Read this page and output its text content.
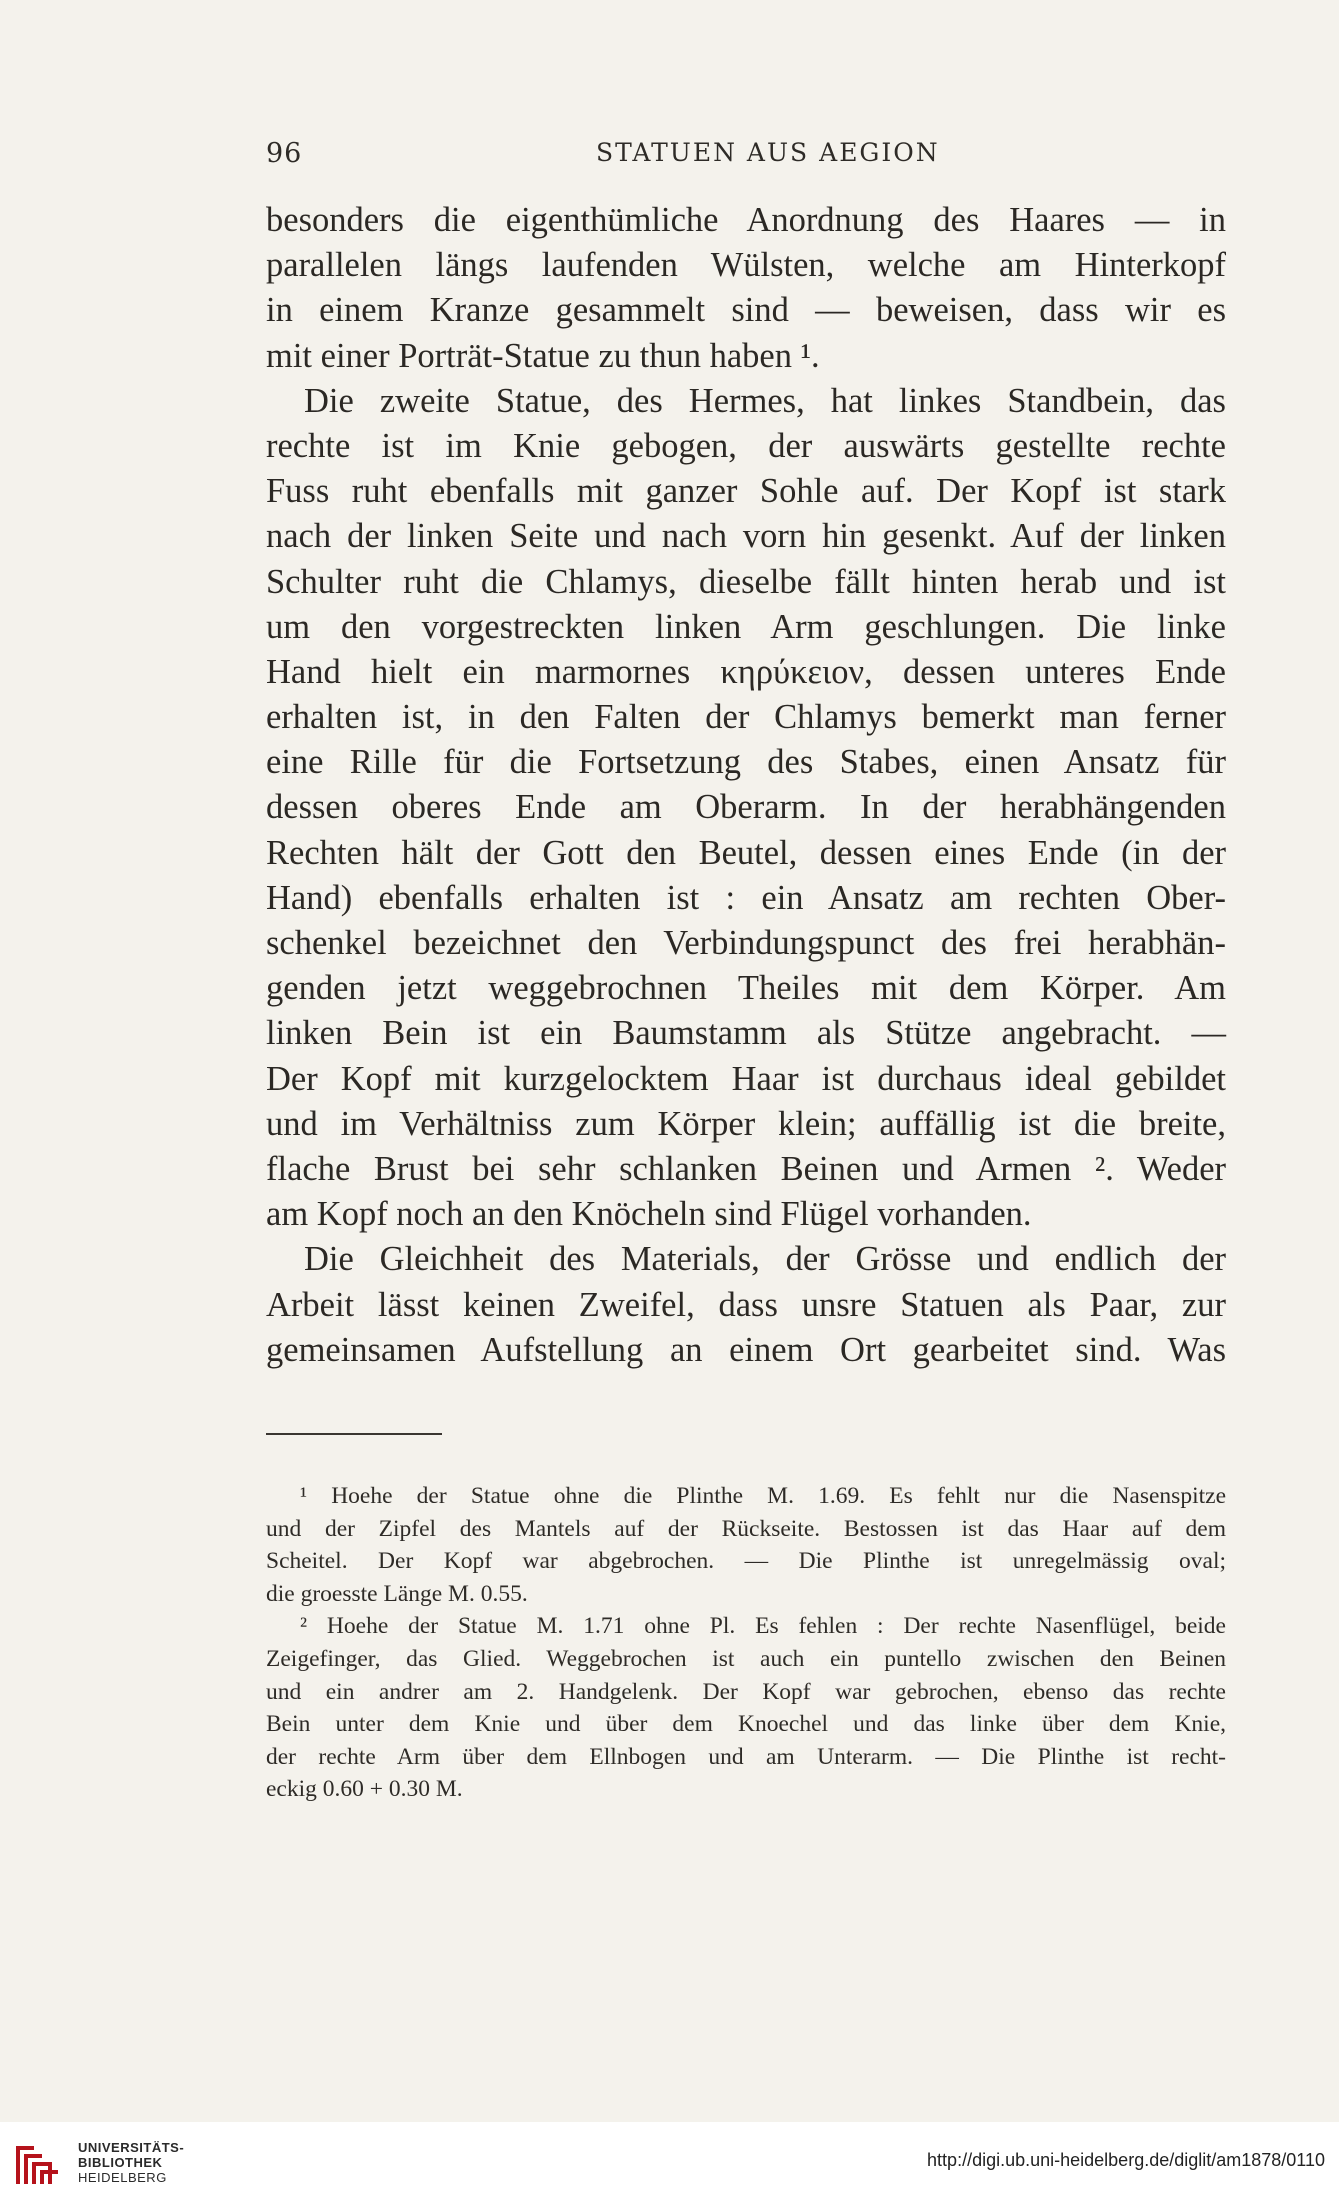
96	STATUEN AUS AEGION
besonders die eigenthümliche Anordnung des Haares — in
parallelen längs laufenden Wülsten, welche am Hinterkopf
in einem Kranze gesammelt sind — beweisen, dass wir es
mit einer Porträt-Statue zu thun haben ¹.
Die zweite Statue, des Hermes, hat linkes Standbein, das
rechte ist im Knie gebogen, der auswärts gestellte rechte
Fuss ruht ebenfalls mit ganzer Sohle auf. Der Kopf ist stark
nach der linken Seite und nach vorn hin gesenkt. Auf der linken
Schulter ruht die Chlamys, dieselbe fällt hinten herab und ist
um den vorgestreckten linken Arm geschlungen. Die linke
Hand hielt ein marmornes κηρύκειον, dessen unteres Ende
erhalten ist, in den Falten der Chlamys bemerkt man ferner
eine Rille für die Fortsetzung des Stabes, einen Ansatz für
dessen oberes Ende am Oberarm. In der herabhängenden
Rechten hält der Gott den Beutel, dessen eines Ende (in der
Hand) ebenfalls erhalten ist : ein Ansatz am rechten Ober-
schenkel bezeichnet den Verbindungspunct des frei herabhän-
genden jetzt weggebrochnen Theiles mit dem Körper. Am
linken Bein ist ein Baumstamm als Stütze angebracht. —
Der Kopf mit kurzgelocktem Haar ist durchaus ideal gebildet
und im Verhältniss zum Körper klein; auffällig ist die breite,
flache Brust bei sehr schlanken Beinen und Armen ². Weder
am Kopf noch an den Knöcheln sind Flügel vorhanden.
Die Gleichheit des Materials, der Grösse und endlich der
Arbeit lässt keinen Zweifel, dass unsre Statuen als Paar, zur
gemeinsamen Aufstellung an einem Ort gearbeitet sind. Was
¹ Hoehe der Statue ohne die Plinthe M. 1.69. Es fehlt nur die Nasenspitze
und der Zipfel des Mantels auf der Rückseite. Bestossen ist das Haar auf dem
Scheitel. Der Kopf war abgebrochen. — Die Plinthe ist unregelmässig oval;
die groesste Länge M. 0.55.
² Hoehe der Statue M. 1.71 ohne Pl. Es fehlen : Der rechte Nasenflügel, beide
Zeigefinger, das Glied. Weggebrochen ist auch ein puntello zwischen den Beinen
und ein andrer am 2. Handgelenk. Der Kopf war gebrochen, ebenso das rechte
Bein unter dem Knie und über dem Knoechel und das linke über dem Knie,
der rechte Arm über dem Ellnbogen und am Unterarm. — Die Plinthe ist recht-
eckig 0.60 + 0.30 M.
UNIVERSITÄTS-
BIBLIOTHEK
HEIDELBERG
http://digi.ub.uni-heidelberg.de/diglit/am1878/0110
